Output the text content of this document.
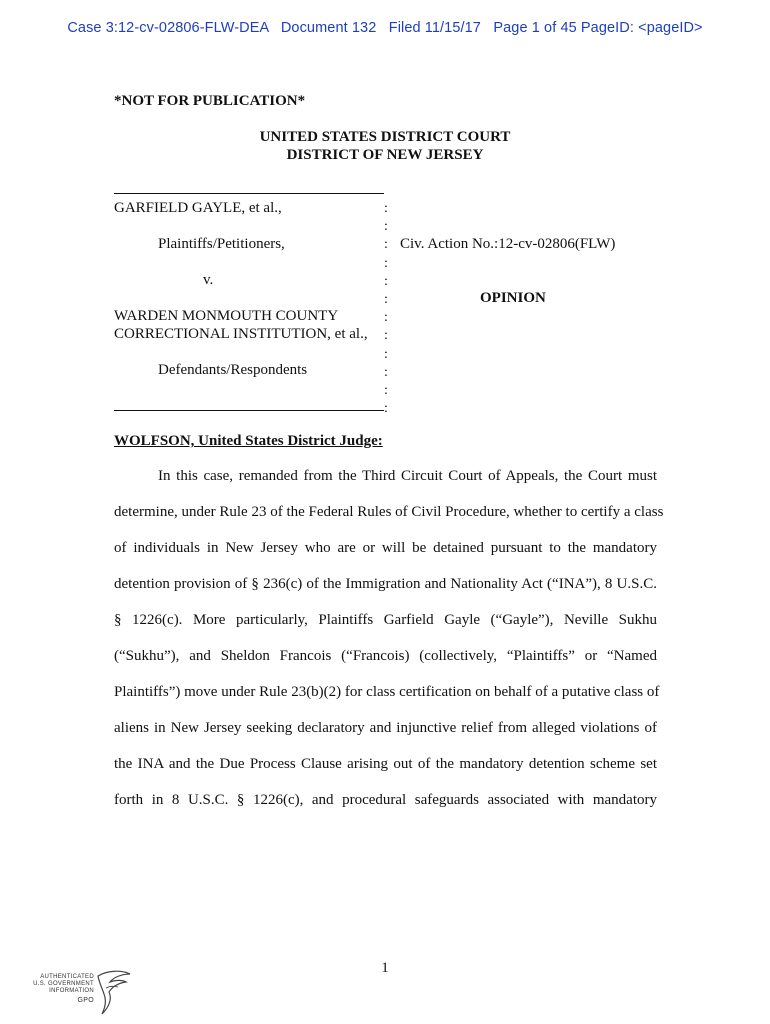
Case 3:12-cv-02806-FLW-DEA   Document 132   Filed 11/15/17   Page 1 of 45 PageID: <pageID>
*NOT FOR PUBLICATION*
UNITED STATES DISTRICT COURT
DISTRICT OF NEW JERSEY
GARFIELD GAYLE, et al.,
Plaintiffs/Petitioners,
v.
WARDEN MONMOUTH COUNTY
CORRECTIONAL INSTITUTION, et al.,
Defendants/Respondents
:
:
:
:
:
:
:
:
:
:
:
:
Civ. Action No.:12-cv-02806(FLW)
OPINION
WOLFSON, United States District Judge:
In this case, remanded from the Third Circuit Court of Appeals, the Court must
determine, under Rule 23 of the Federal Rules of Civil Procedure, whether to certify a class
of individuals in New Jersey who are or will be detained pursuant to the mandatory
detention provision of § 236(c) of the Immigration and Nationality Act (“INA”), 8 U.S.C.
§ 1226(c). More particularly, Plaintiffs Garfield Gayle (“Gayle”), Neville Sukhu
(“Sukhu”), and Sheldon Francois (“Francois) (collectively, “Plaintiffs” or “Named
Plaintiffs”) move under Rule 23(b)(2) for class certification on behalf of a putative class of
aliens in New Jersey seeking declaratory and injunctive relief from alleged violations of
the INA and the Due Process Clause arising out of the mandatory detention scheme set
forth in 8 U.S.C. § 1226(c), and procedural safeguards associated with mandatory
1
AUTHENTICATED
U.S. GOVERNMENT
INFORMATION
GPO
